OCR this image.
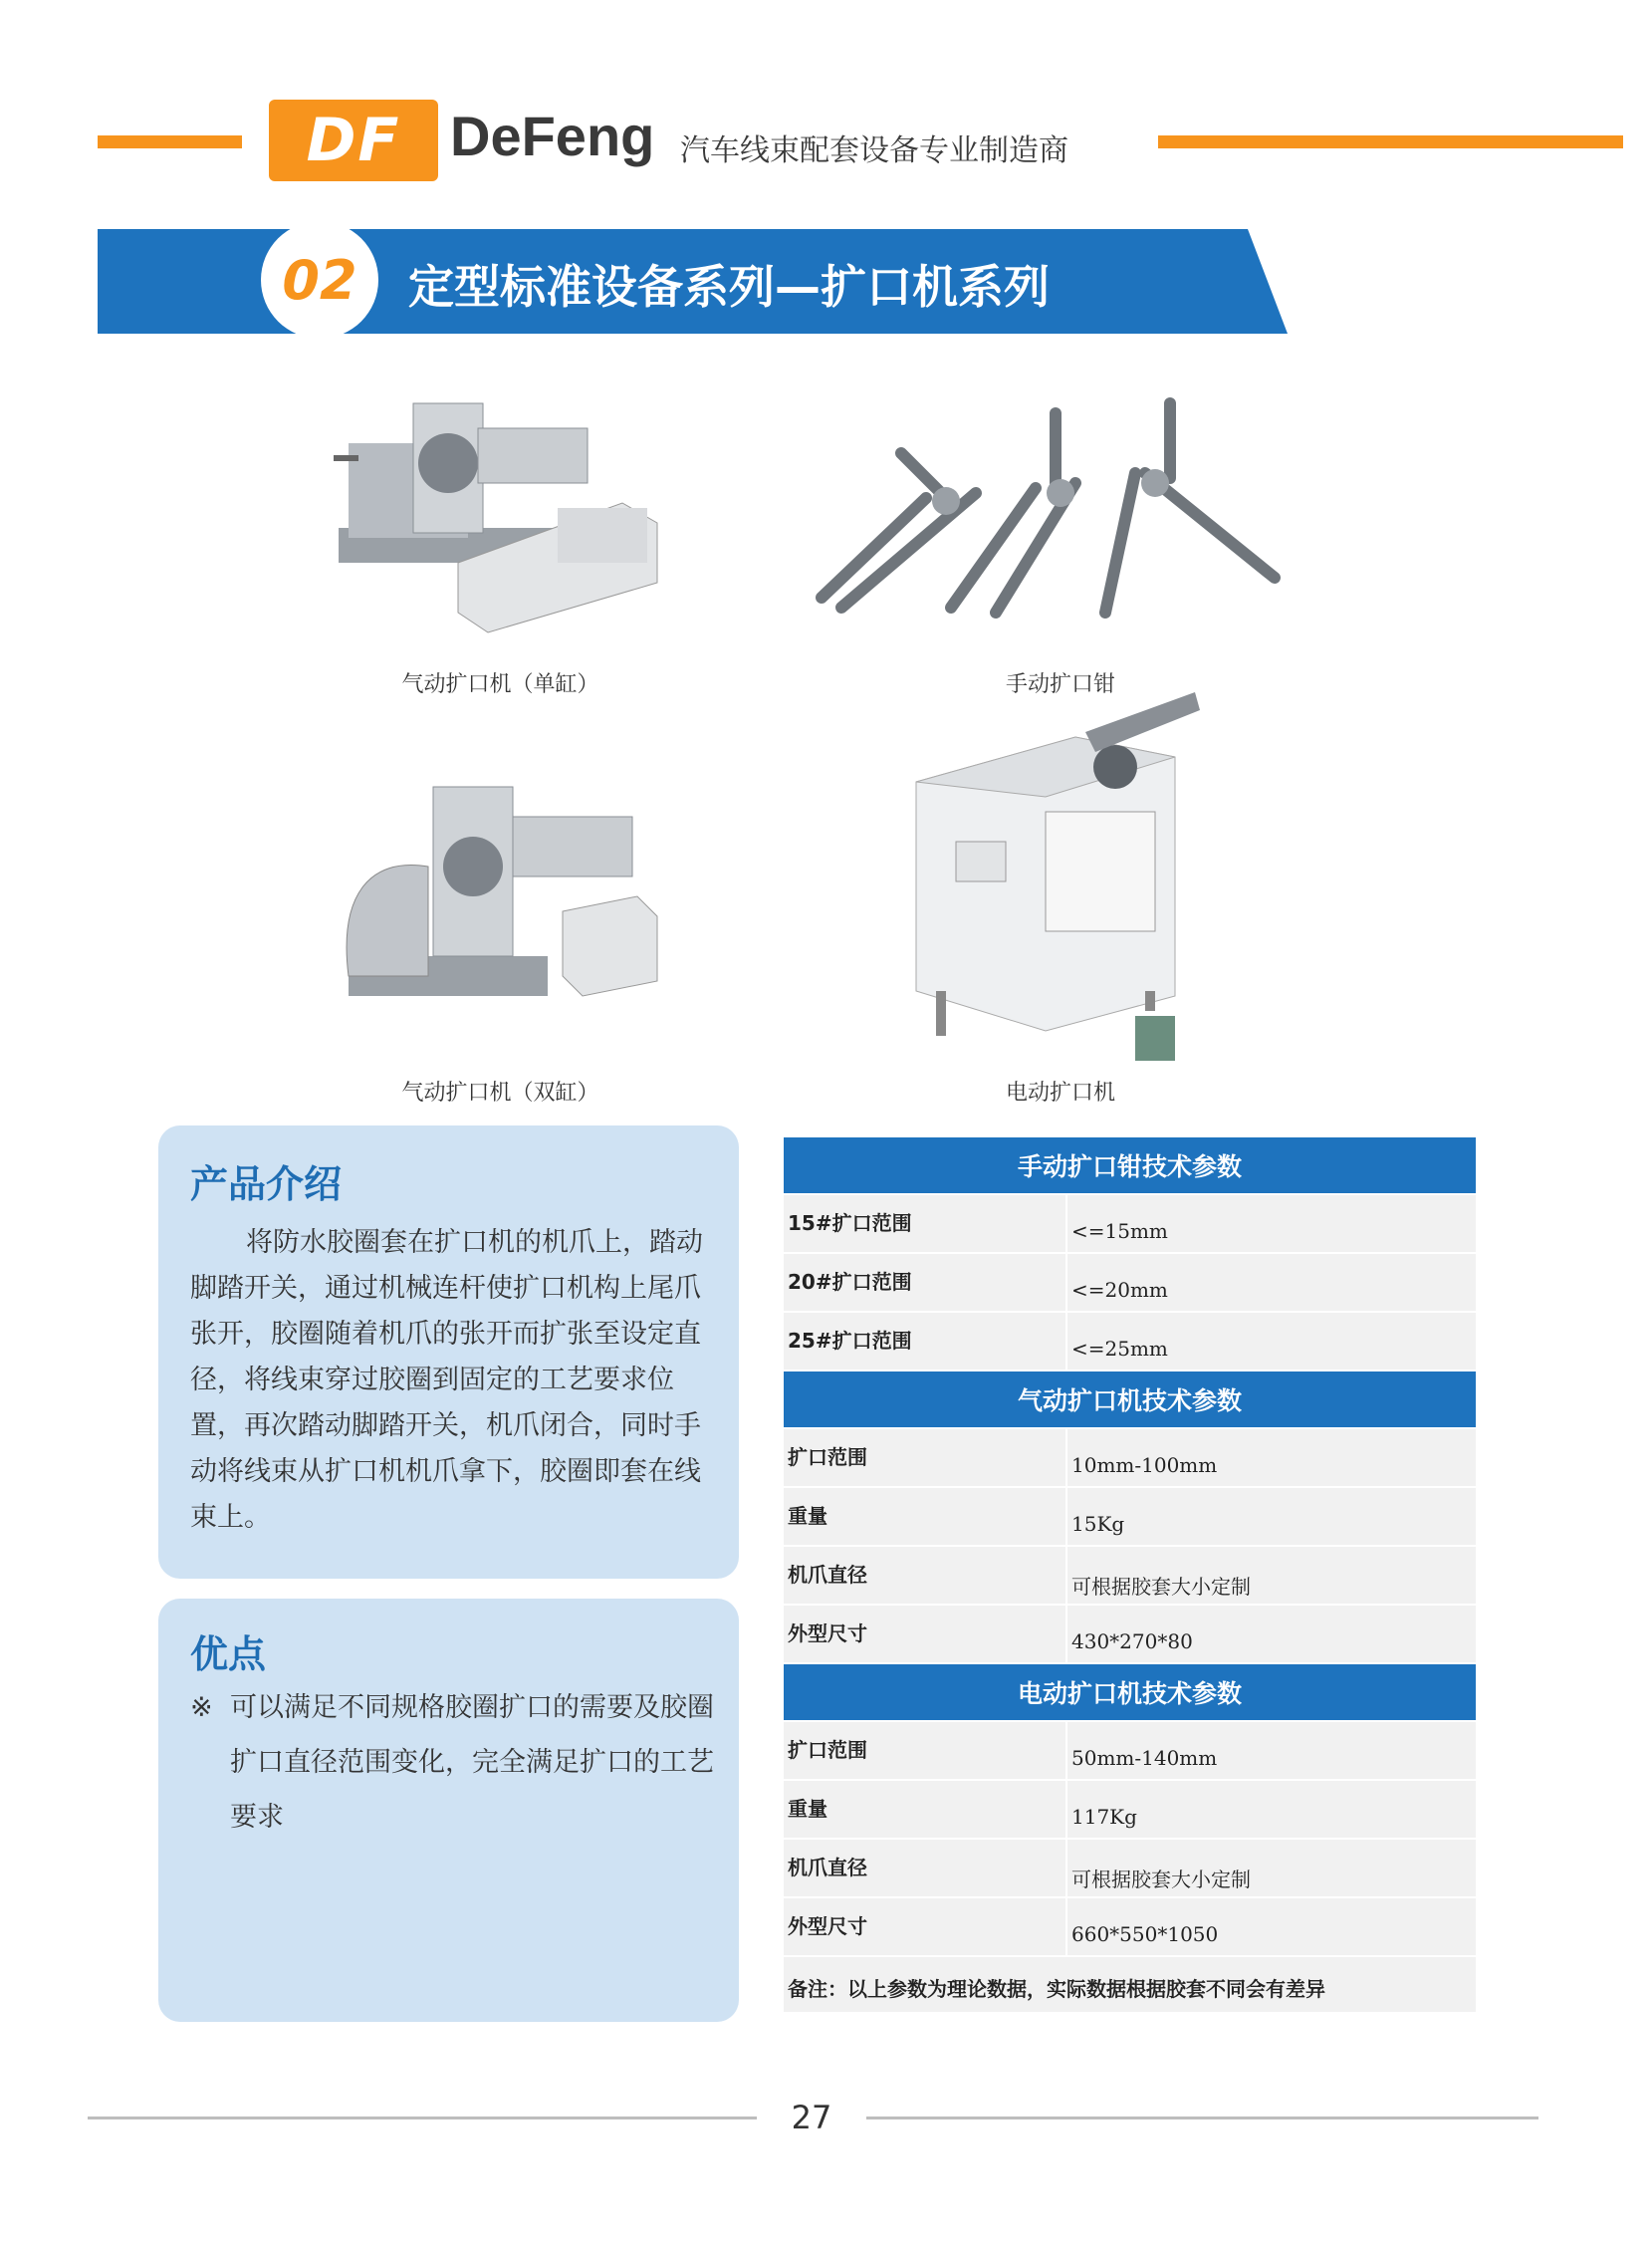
DF DeFeng 汽车线束配套设备专业制造商
02 定型标准设备系列—扩口机系列
气动扩口机（单缸）	手动扩口钳
气动扩口机（双缸）	电动扩口机
产品介绍
将防水胶圈套在扩口机的机爪上，踏动脚踏开关，通过机械连杆使扩口机构上尾爪张开，胶圈随着机爪的张开而扩张至设定直径，将线束穿过胶圈到固定的工艺要求位置，再次踏动脚踏开关，机爪闭合，同时手动将线束从扩口机机爪拿下，胶圈即套在线束上。
优点
※ 可以满足不同规格胶圈扩口的需要及胶圈扩口直径范围变化，完全满足扩口的工艺要求
手动扩口钳技术参数
15#扩口范围	<=15mm
20#扩口范围	<=20mm
25#扩口范围	<=25mm
气动扩口机技术参数
扩口范围	10mm-100mm
重量	15Kg
机爪直径	可根据胶套大小定制
外型尺寸	430*270*80
电动扩口机技术参数
扩口范围	50mm-140mm
重量	117Kg
机爪直径	可根据胶套大小定制
外型尺寸	660*550*1050
备注：以上参数为理论数据，实际数据根据胶套不同会有差异
27
